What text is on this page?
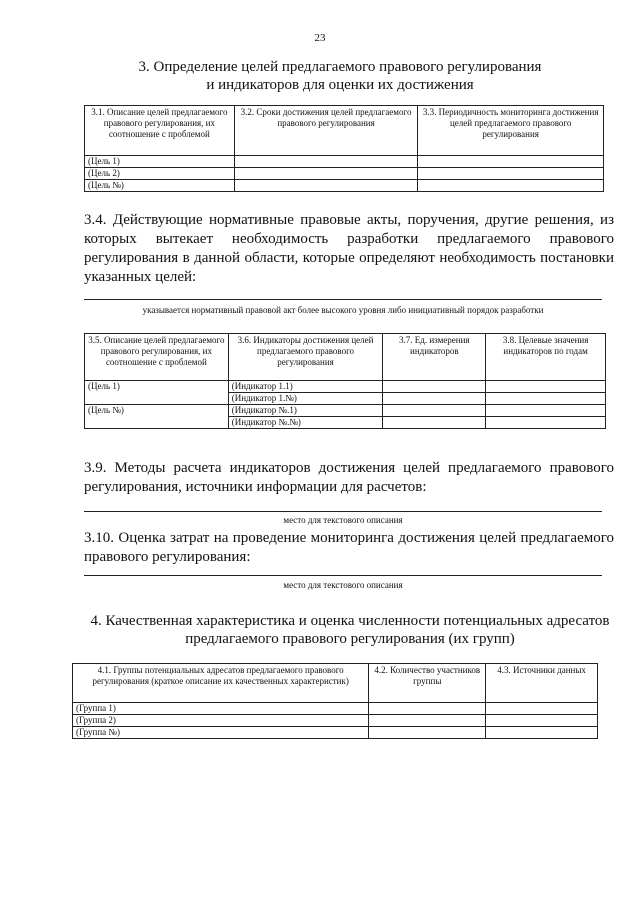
23
3. Определение целей предлагаемого правового регулирования
и индикаторов для оценки их достижения
3.1. Описание целей предлагаемого правового регулирования, их соотношение с проблемой	3.2. Сроки достижения целей предлагаемого правового регулирования	3.3. Периодичность мониторинга достижения целей предлагаемого правового регулирования
(Цель 1)		
(Цель 2)		
(Цель №)		
3.4. Действующие нормативные правовые акты, поручения, другие решения, из которых вытекает необходимость разработки предлагаемого правового регулирования в данной области, которые определяют необходимость постановки указанных целей:
указывается нормативный правовой акт более высокого уровня либо инициативный порядок разработки
3.5. Описание целей предлагаемого правового регулирования, их соотношение с проблемой	3.6. Индикаторы достижения целей предлагаемого правового регулирования	3.7. Ед. измерения индикаторов	3.8. Целевые значения индикаторов по годам
(Цель 1)	(Индикатор 1.1)		
	(Индикатор 1.№)		
(Цель №)	(Индикатор №.1)		
	(Индикатор №.№)		
3.9. Методы расчета индикаторов достижения целей предлагаемого правового регулирования, источники информации для расчетов:
место для текстового описания
3.10. Оценка затрат на проведение мониторинга достижения целей предлагаемого правового регулирования:
место для текстового описания
4. Качественная характеристика и оценка численности потенциальных адресатов
предлагаемого правового регулирования (их групп)
4.1. Группы потенциальных адресатов предлагаемого правового регулирования (краткое описание их качественных характеристик)	4.2. Количество участников группы	4.3. Источники данных
(Группа 1)		
(Группа 2)		
(Группа №)		
